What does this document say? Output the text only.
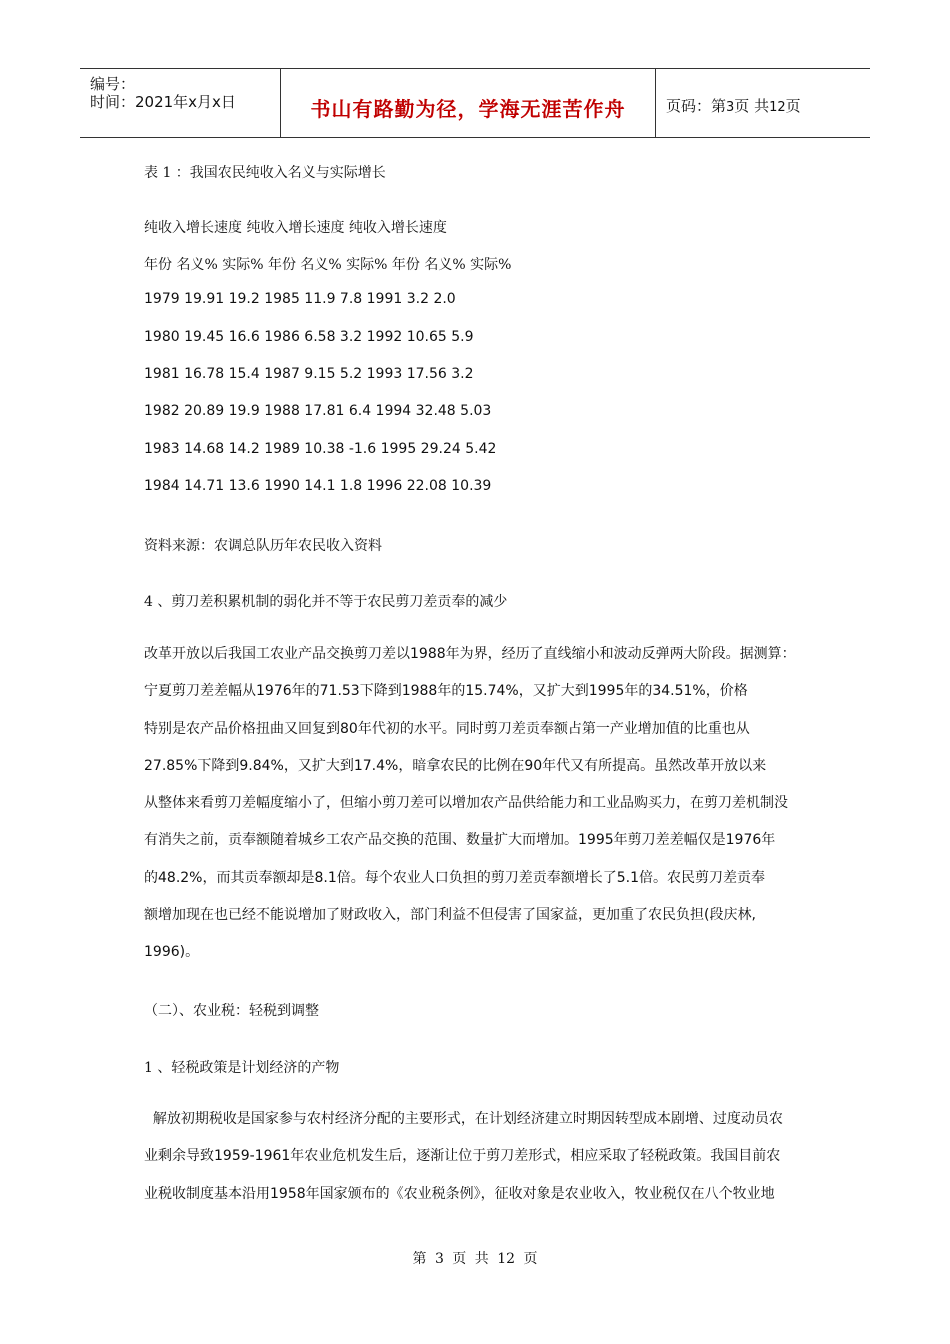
编号：
时间：2021年x月x日	书山有路勤为径，学海无涯苦作舟	页码：第3页 共12页
表 1 ：我国农民纯收入名义与实际增长
纯收入增长速度 纯收入增长速度 纯收入增长速度
年份 名义% 实际% 年份 名义% 实际% 年份 名义% 实际%
1979 19.91 19.2 1985 11.9 7.8 1991 3.2 2.0
1980 19.45 16.6 1986 6.58 3.2 1992 10.65 5.9
1981 16.78 15.4 1987 9.15 5.2 1993 17.56 3.2
1982 20.89 19.9 1988 17.81 6.4 1994 32.48 5.03
1983 14.68 14.2 1989 10.38 -1.6 1995 29.24 5.42
1984 14.71 13.6 1990 14.1 1.8 1996 22.08 10.39
资料来源：农调总队历年农民收入资料
4 、剪刀差积累机制的弱化并不等于农民剪刀差贡奉的减少
改革开放以后我国工农业产品交换剪刀差以1988年为界，经历了直线缩小和波动反弹两大阶段。据测算：
宁夏剪刀差差幅从1976年的71.53下降到1988年的15.74%，又扩大到1995年的34.51%，价格
特别是农产品价格扭曲又回复到80年代初的水平。同时剪刀差贡奉额占第一产业增加值的比重也从
27.85%下降到9.84%，又扩大到17.4%，暗拿农民的比例在90年代又有所提高。虽然改革开放以来
从整体来看剪刀差幅度缩小了，但缩小剪刀差可以增加农产品供给能力和工业品购买力，在剪刀差机制没
有消失之前，贡奉额随着城乡工农产品交换的范围、数量扩大而增加。1995年剪刀差差幅仅是1976年
的48.2%，而其贡奉额却是8.1倍。每个农业人口负担的剪刀差贡奉额增长了5.1倍。农民剪刀差贡奉
额增加现在也已经不能说增加了财政收入，部门利益不但侵害了国家益，更加重了农民负担(段庆林,
1996)。
（二）、农业税：轻税到调整
1 、轻税政策是计划经济的产物
解放初期税收是国家参与农村经济分配的主要形式，在计划经济建立时期因转型成本剧增、过度动员农
业剩余导致1959-1961年农业危机发生后，逐渐让位于剪刀差形式，相应采取了轻税政策。我国目前农
业税收制度基本沿用1958年国家颁布的《农业税条例》，征收对象是农业收入，牧业税仅在八个牧业地
第 3 页 共 12 页
